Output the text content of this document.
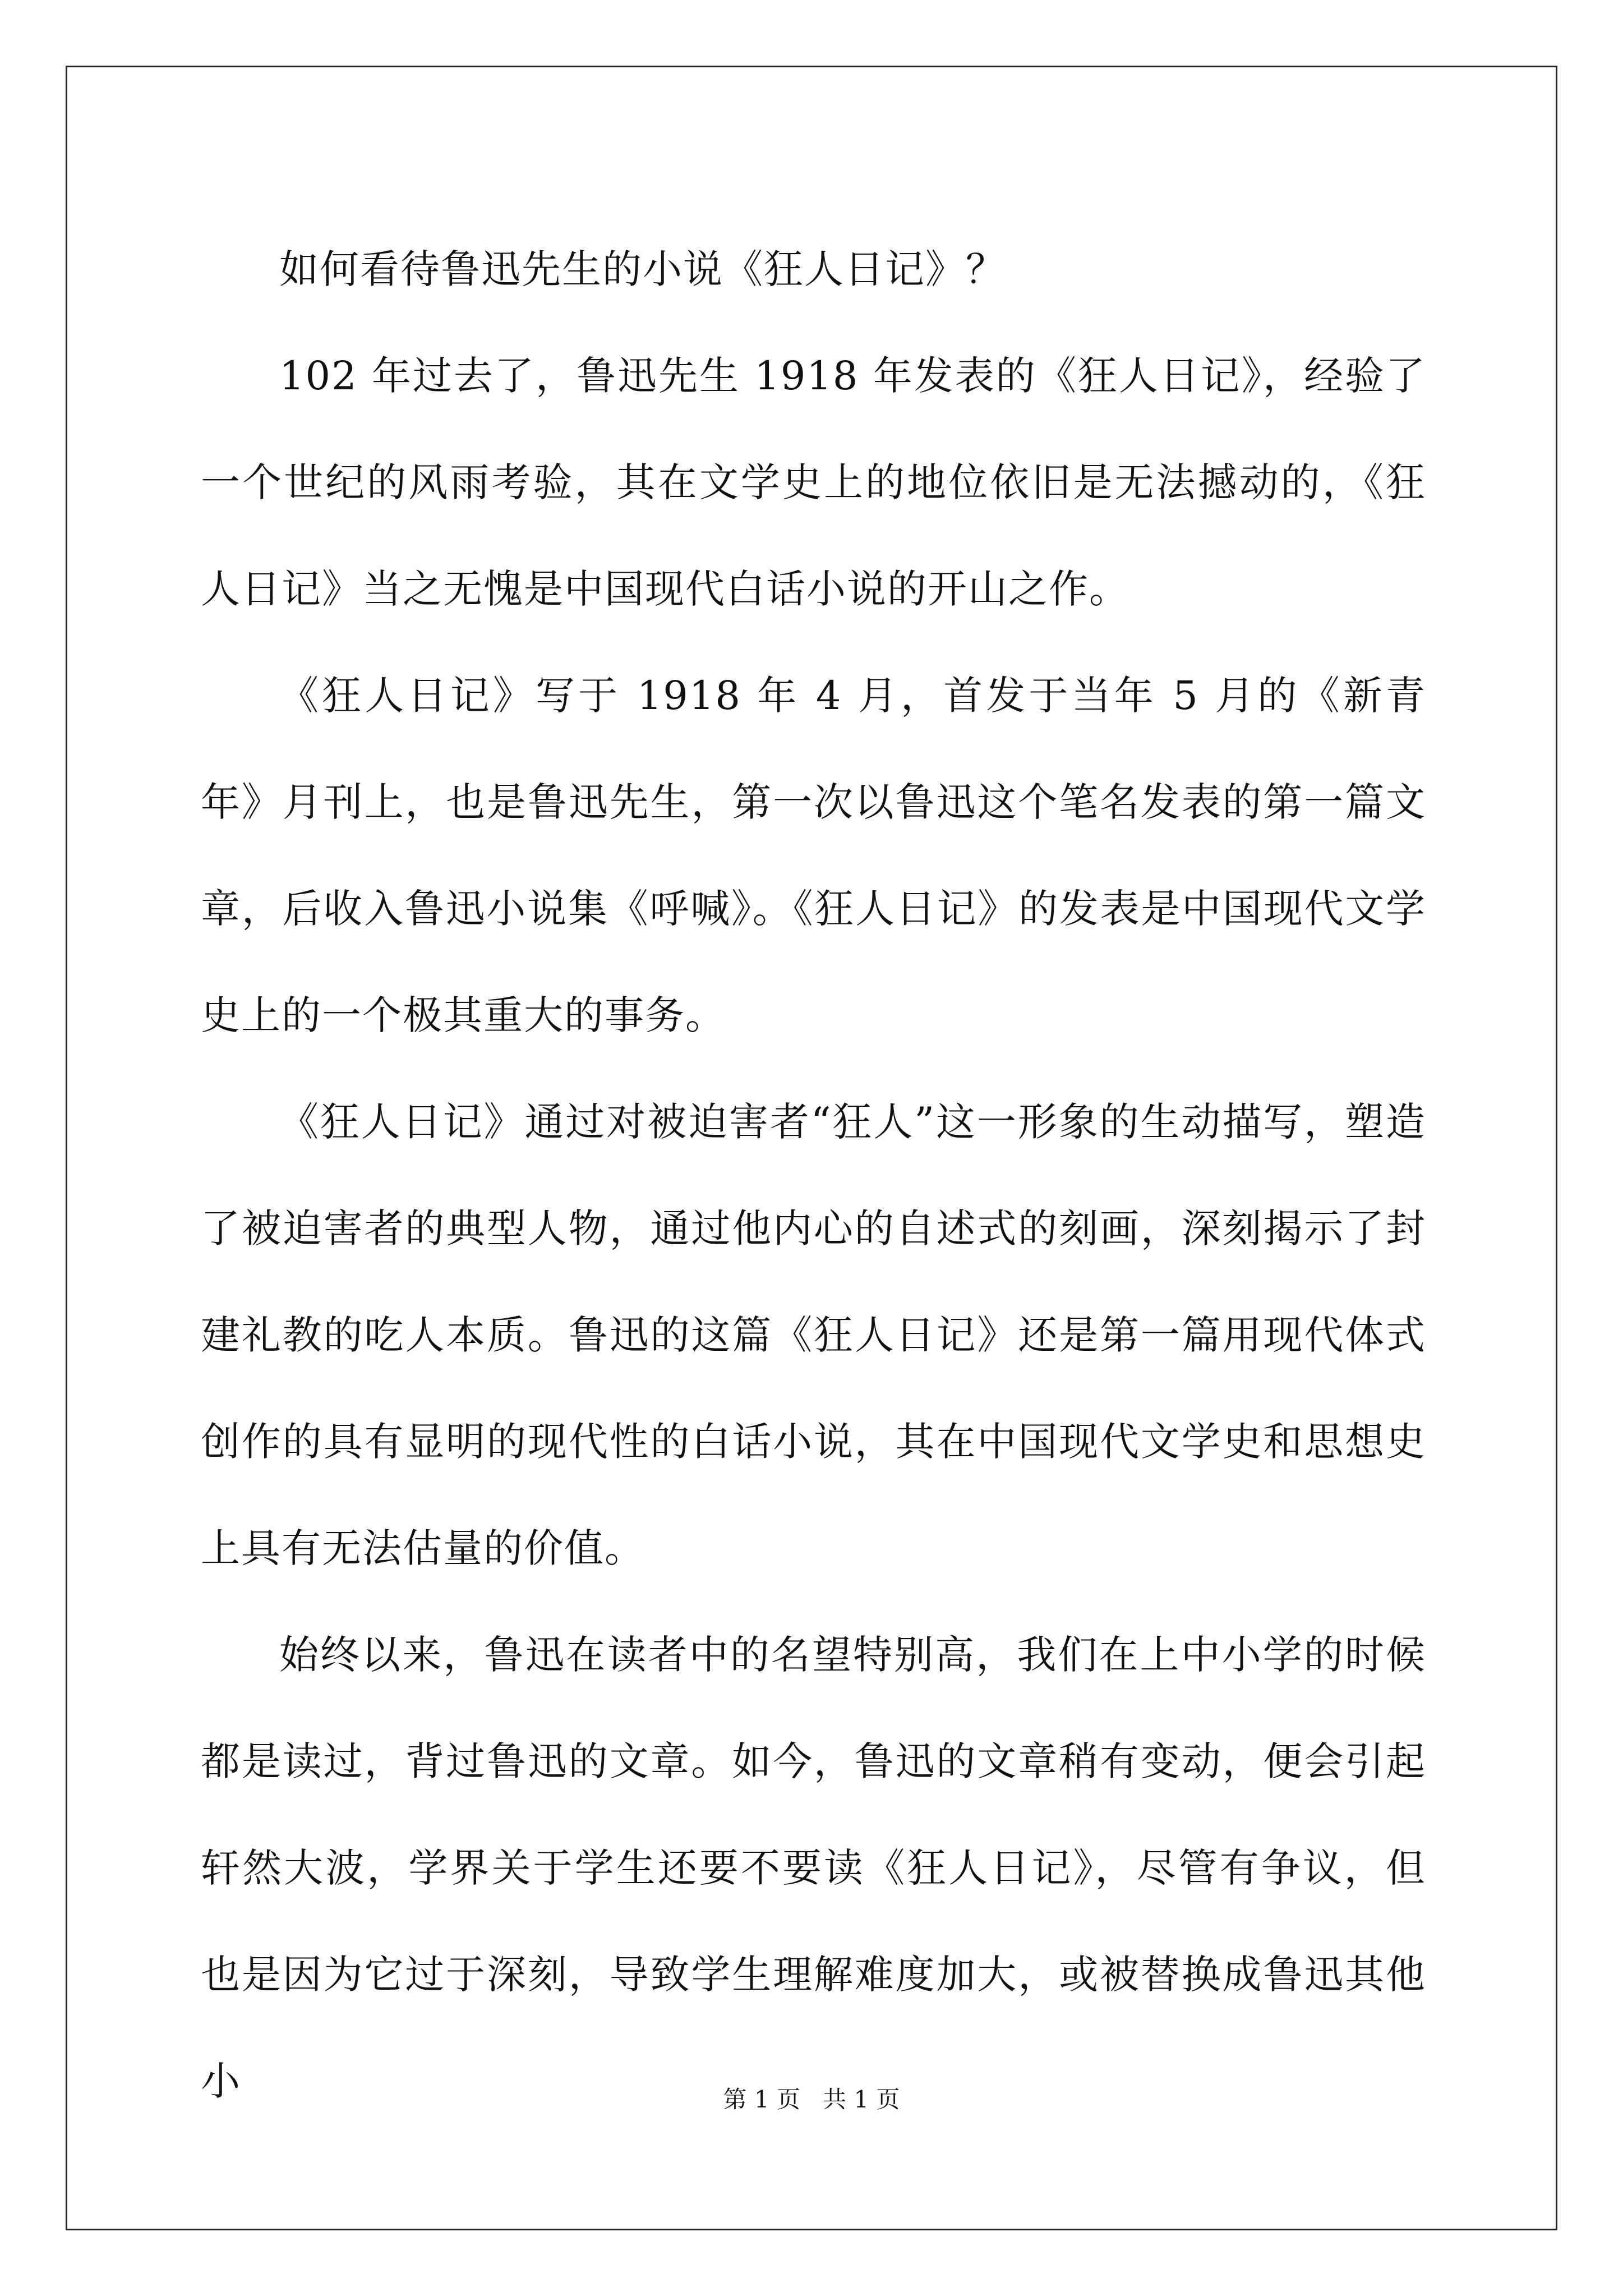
如何看待鲁迅先生的小说《狂人日记》？

102 年过去了，鲁迅先生 1918 年发表的《狂人日记》，经验了一个世纪的风雨考验，其在文学史上的地位依旧是无法撼动的，《狂人日记》当之无愧是中国现代白话小说的开山之作。

《狂人日记》写于 1918 年 4 月，首发于当年 5 月的《新青年》月刊上，也是鲁迅先生，第一次以鲁迅这个笔名发表的第一篇文章，后收入鲁迅小说集《呼喊》。《狂人日记》的发表是中国现代文学史上的一个极其重大的事务。

《狂人日记》通过对被迫害者“狂人”这一形象的生动描写，塑造了被迫害者的典型人物，通过他内心的自述式的刻画，深刻揭示了封建礼教的吃人本质。鲁迅的这篇《狂人日记》还是第一篇用现代体式创作的具有显明的现代性的白话小说，其在中国现代文学史和思想史上具有无法估量的价值。

始终以来，鲁迅在读者中的名望特别高，我们在上中小学的时候都是读过，背过鲁迅的文章。如今，鲁迅的文章稍有变动，便会引起轩然大波，学界关于学生还要不要读《狂人日记》，尽管有争议，但也是因为它过于深刻，导致学生理解难度加大，或被替换成鲁迅其他小	第 1 页   共 1 页
